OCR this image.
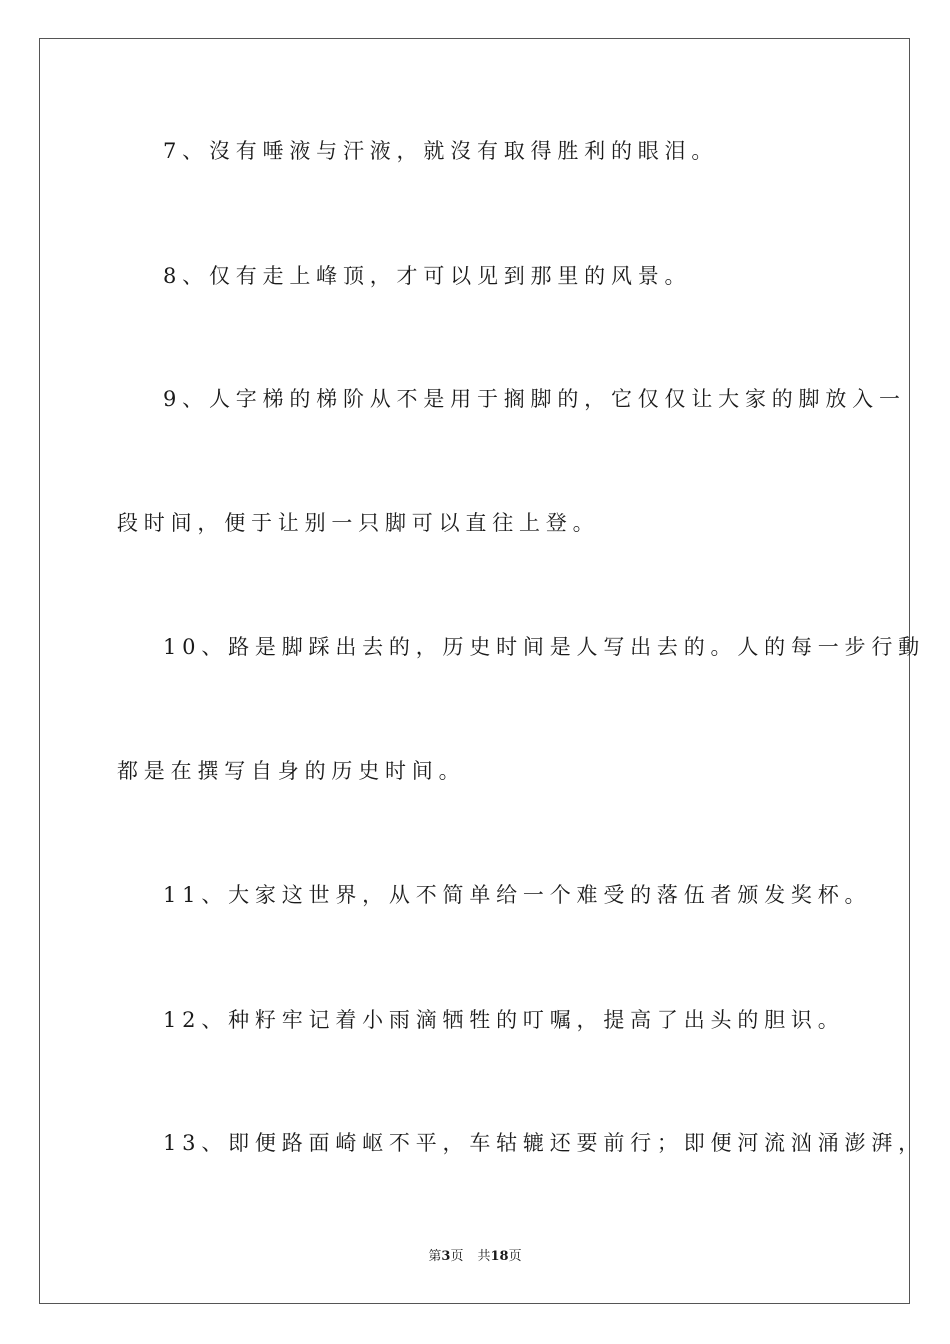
7、沒有唾液与汗液，就沒有取得胜利的眼泪。
8、仅有走上峰顶，才可以见到那里的风景。
9、人字梯的梯阶从不是用于搁脚的，它仅仅让大家的脚放入一
段时间，便于让别一只脚可以直往上登。
10、路是脚踩出去的，历史时间是人写出去的。人的每一步行動
都是在撰写自身的历史时间。
11、大家这世界，从不简单给一个难受的落伍者颁发奖杯。
12、种籽牢记着小雨滴牺牲的叮嘱，提高了出头的胆识。
13、即便路面崎岖不平，车轱辘还要前行；即便河流汹涌澎湃，
第3页 共18页
